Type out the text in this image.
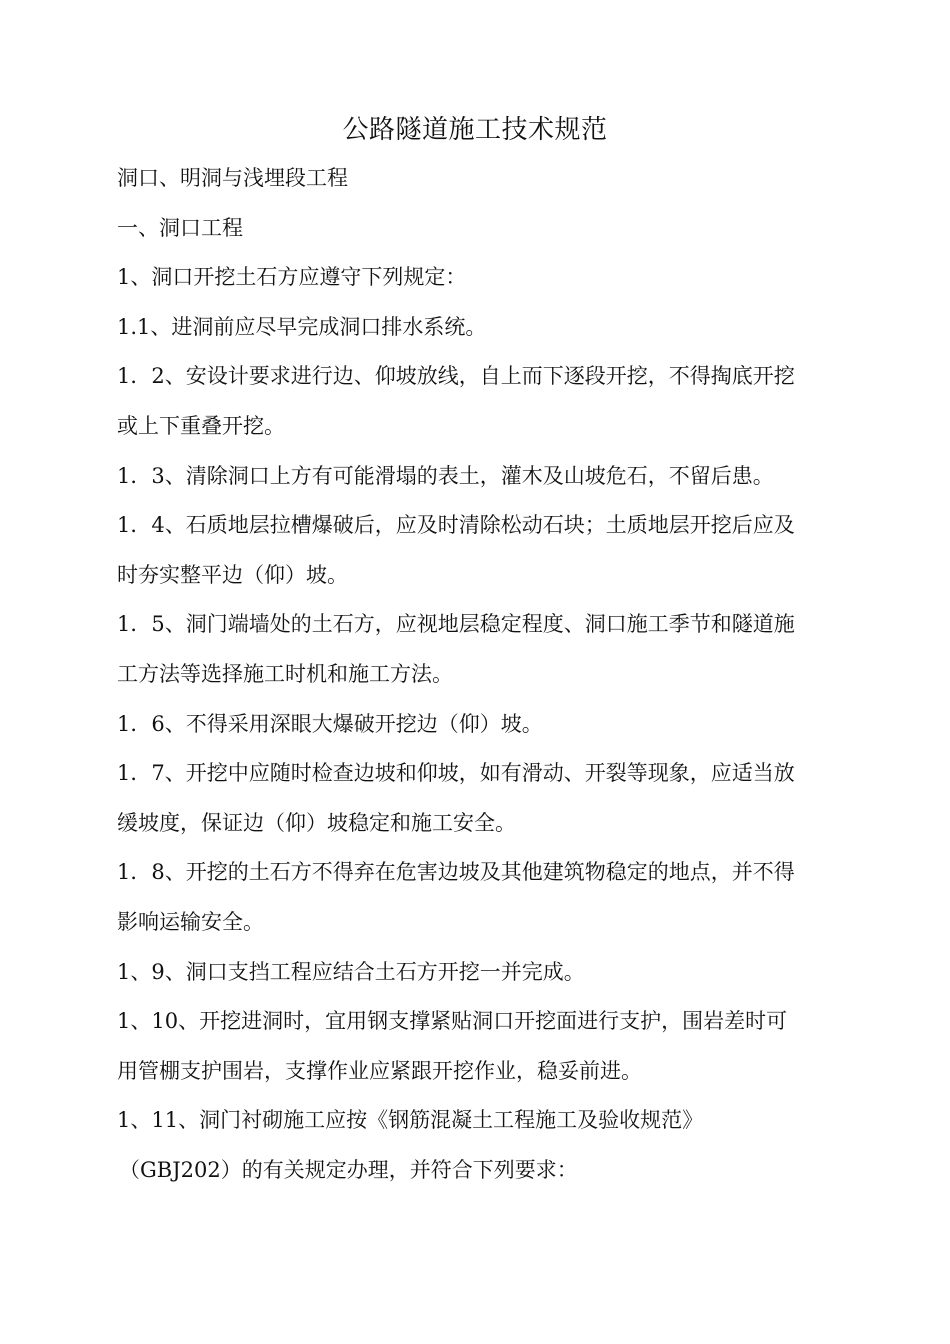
公路隧道施工技术规范
洞口、明洞与浅埋段工程
一、洞口工程
1、洞口开挖土石方应遵守下列规定：
1.1、进洞前应尽早完成洞口排水系统。
1．2、安设计要求进行边、仰坡放线，自上而下逐段开挖，不得掏底开挖
或上下重叠开挖。
1．3、清除洞口上方有可能滑塌的表土，灌木及山坡危石，不留后患。
1．4、石质地层拉槽爆破后，应及时清除松动石块；土质地层开挖后应及
时夯实整平边（仰）坡。
1．5、洞门端墙处的土石方，应视地层稳定程度、洞口施工季节和隧道施
工方法等选择施工时机和施工方法。
1．6、不得采用深眼大爆破开挖边（仰）坡。
1．7、开挖中应随时检查边坡和仰坡，如有滑动、开裂等现象，应适当放
缓坡度，保证边（仰）坡稳定和施工安全。
1．8、开挖的土石方不得弃在危害边坡及其他建筑物稳定的地点，并不得
影响运输安全。
1、9、洞口支挡工程应结合土石方开挖一并完成。
1、10、开挖进洞时，宜用钢支撑紧贴洞口开挖面进行支护，围岩差时可
用管棚支护围岩，支撑作业应紧跟开挖作业，稳妥前进。
1、11、洞门衬砌施工应按《钢筋混凝土工程施工及验收规范》
（GBJ202）的有关规定办理，并符合下列要求：
